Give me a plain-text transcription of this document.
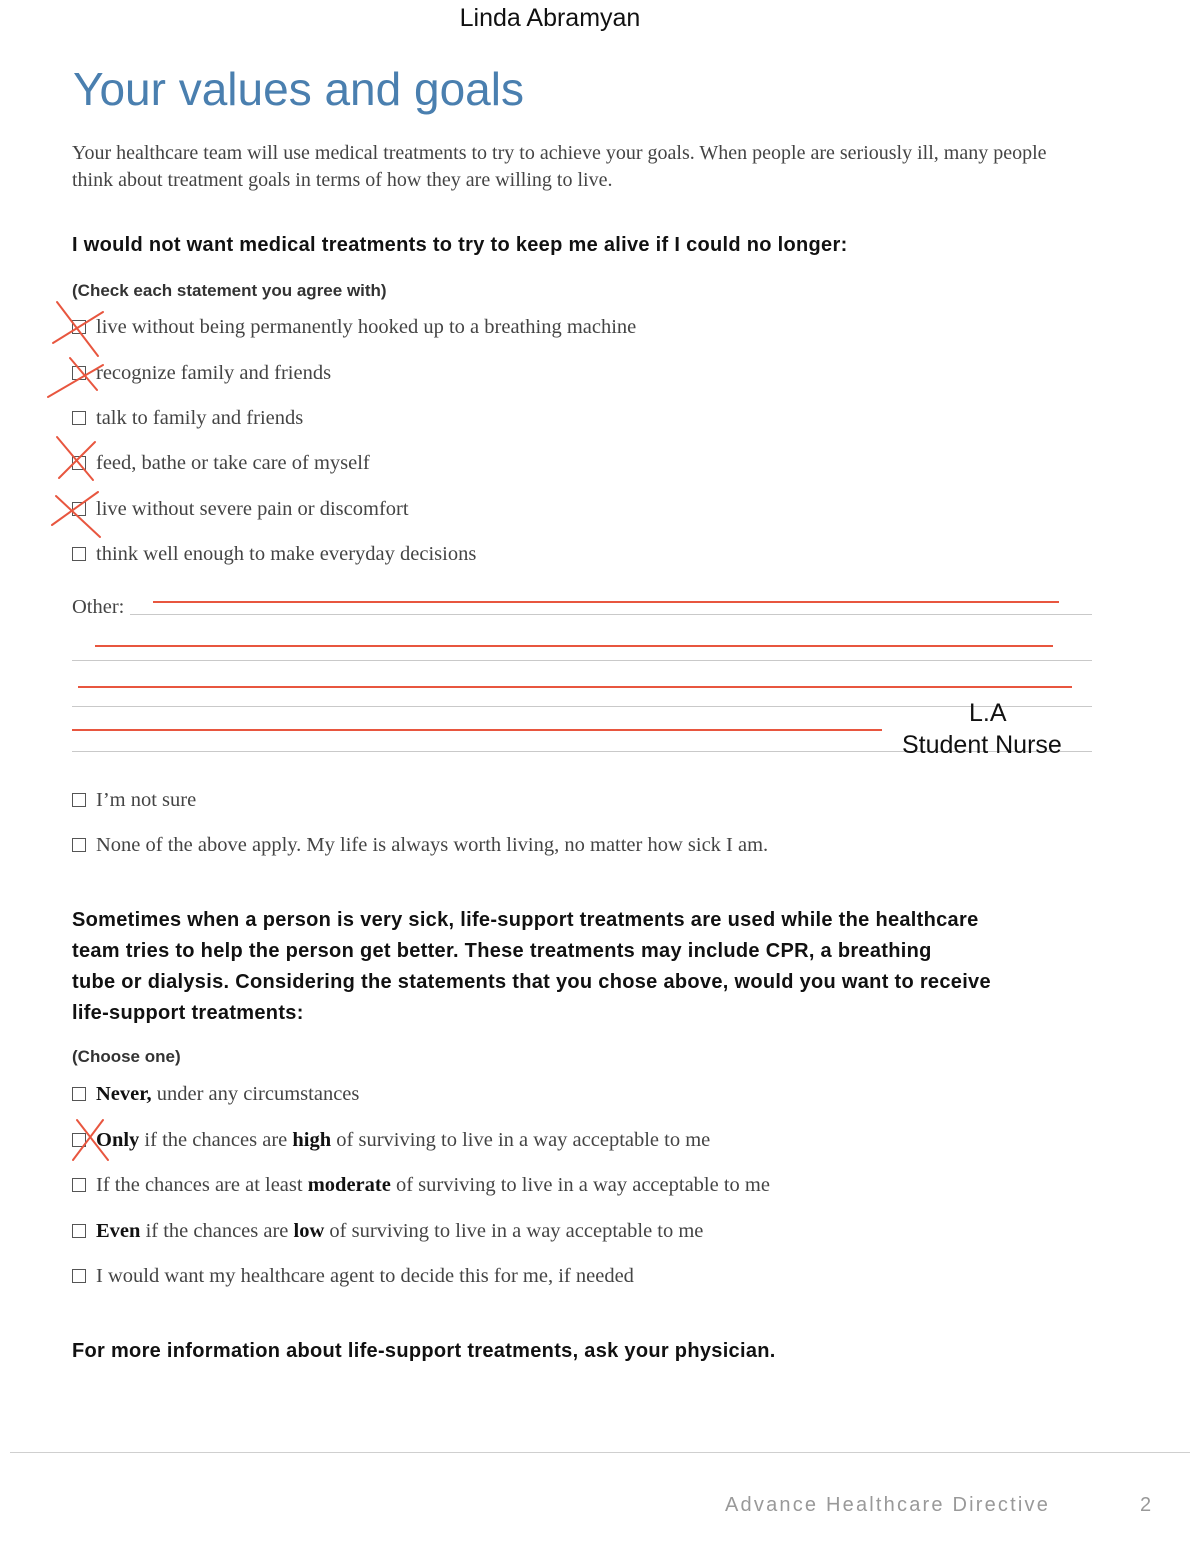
Linda Abramyan
Your values and goals
Your healthcare team will use medical treatments to try to achieve your goals. When people are seriously ill, many people think about treatment goals in terms of how they are willing to live.
I would not want medical treatments to try to keep me alive if I could no longer:
(Check each statement you agree with)
live without being permanently hooked up to a breathing machine
recognize family and friends
talk to family and friends
feed, bathe or take care of myself
live without severe pain or discomfort
think well enough to make everyday decisions
Other:
L.A
Student Nurse
I’m not sure
None of the above apply. My life is always worth living, no matter how sick I am.
Sometimes when a person is very sick, life-support treatments are used while the healthcare
team tries to help the person get better. These treatments may include CPR, a breathing
tube or dialysis. Considering the statements that you chose above, would you want to receive
life-support treatments:
(Choose one)
Never, under any circumstances
Only if the chances are high of surviving to live in a way acceptable to me
If the chances are at least moderate of surviving to live in a way acceptable to me
Even if the chances are low of surviving to live in a way acceptable to me
I would want my healthcare agent to decide this for me, if needed
For more information about life-support treatments, ask your physician.
Advance Healthcare Directive	2
